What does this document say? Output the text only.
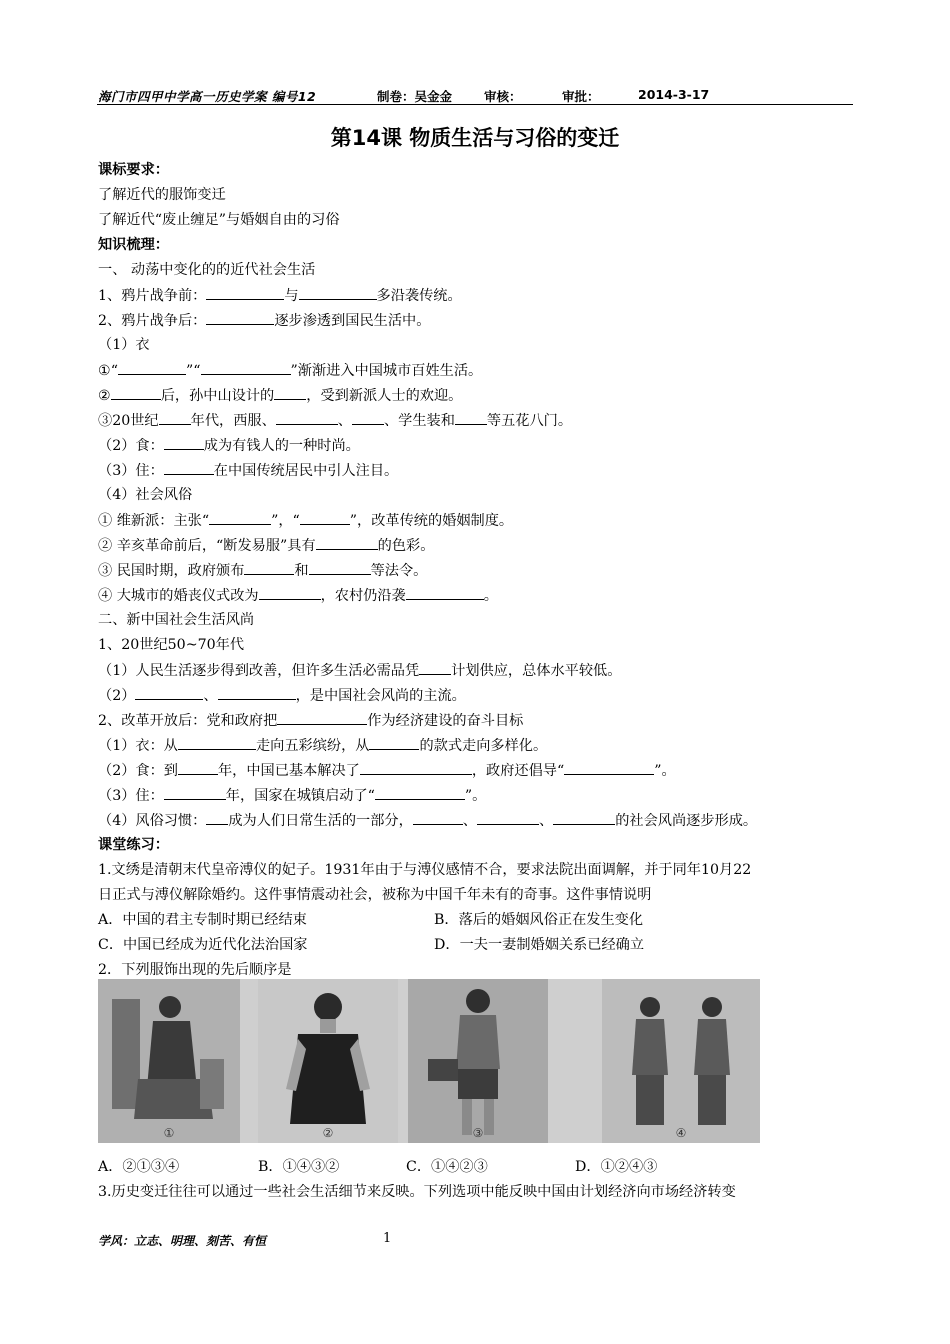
海门市四甲中学高一历史学案 编号12	制卷：吴金金	审核：	审批：	2014-3-17
第14课 物质生活与习俗的变迁
课标要求：
了解近代的服饰变迁
了解近代“废止缠足”与婚姻自由的习俗
知识梳理：
一、 动荡中变化的的近代社会生活
1、鸦片战争前：	与	多沿袭传统。
2、鸦片战争后：	逐步渗透到国民生活中。
（1）衣
①“	”“	”渐渐进入中国城市百姓生活。
②	后，孙中山设计的 ，受到新派人士的欢迎。
③20世纪 年代，西服、	、 、学生装和 等五花八门。
（2）食：	成为有钱人的一种时尚。
（3）住：	在中国传统居民中引人注目。
（4）社会风俗
① 维新派：主张“	”，“	”，改革传统的婚姻制度。
② 辛亥革命前后，“断发易服”具有	的色彩。
③ 民国时期，政府颁布	和	等法令。
④ 大城市的婚丧仪式改为	，农村仍沿袭	。
二、新中国社会生活风尚
1、20世纪50~70年代
（1）人民生活逐步得到改善，但许多生活必需品凭 计划供应，总体水平较低。
（2）	、	，是中国社会风尚的主流。
2、改革开放后：党和政府把	作为经济建设的奋斗目标
（1）衣：从	走向五彩缤纷，从	的款式走向多样化。
（2）食：到	年，中国已基本解决了	，政府还倡导“	”。
（3）住：	年，国家在城镇启动了“	”。
（4）风俗习惯： 成为人们日常生活的一部分，	、	、	的社会风尚逐步形成。
课堂练习：
1.文绣是清朝末代皇帝溥仪的妃子。1931年由于与溥仪感情不合，要求法院出面调解，并于同年10月22
日正式与溥仪解除婚约。这件事情震动社会，被称为中国千年未有的奇事。这件事情说明
A．中国的君主专制时期已经结束	B．落后的婚姻风俗正在发生变化
C．中国已经成为近代化法治国家	D．一夫一妻制婚姻关系已经确立
2．下列服饰出现的先后顺序是
①	②	③	④
A．②①③④	B．①④③②	C．①④②③	D．①②④③
3.历史变迁往往可以通过一些社会生活细节来反映。下列选项中能反映中国由计划经济向市场经济转变
学风：立志、明理、刻苦、有恒	1
